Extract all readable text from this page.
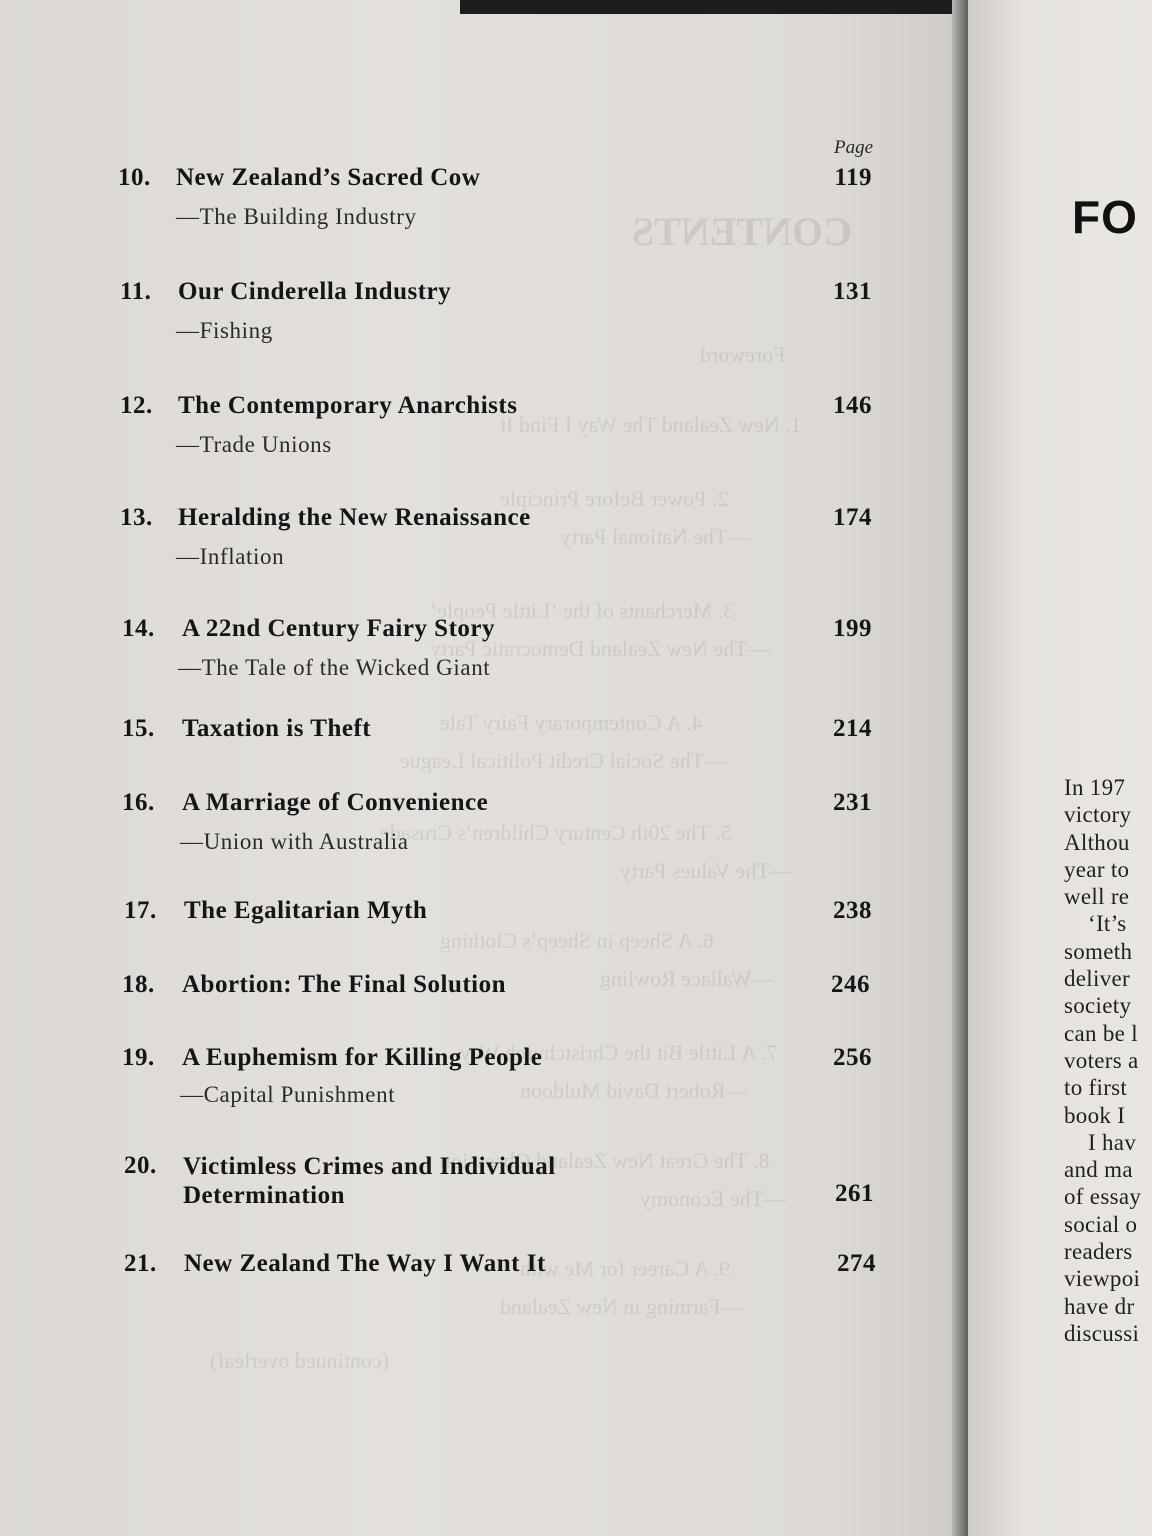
CONTENTS
Foreword
1. New Zealand The Way I Find It
2. Power Before Principle
—The National Party
3. Merchants of the ‘Little People’
—The New Zealand Democratic Party
4. A Contemporary Fairy Tale
—The Social Credit Political League
5. The 20th Century Children’s Crusade
—The Values Party
6. A Sheep in Sheep’s Clothing
—Wallace Rowling
7. A Little Bit the Christchurch Way
—Robert David Muldoon
8. The Great New Zealand Obsession
—The Economy
9. A Career for Me with
—Farming in New Zealand
(continued overleaf)
Page
10. New Zealand’s Sacred Cow	119
—The Building Industry
11. Our Cinderella Industry	131
—Fishing
12. The Contemporary Anarchists	146
—Trade Unions
13. Heralding the New Renaissance	174
—Inflation
14. A 22nd Century Fairy Story	199
—The Tale of the Wicked Giant
15. Taxation is Theft	214
16. A Marriage of Convenience	231
—Union with Australia
17. The Egalitarian Myth	238
18. Abortion: The Final Solution	246
19. A Euphemism for Killing People	256
—Capital Punishment
20. Victimless Crimes and Individual Determination	261
21. New Zealand The Way I Want It	274
FO
In 197
victory
Althou
year to
well re
‘It’s
someth
deliver
society
can be l
voters a
to first
book I
I hav
and ma
of essay
social o
readers
viewpoi
have dr
discussi
